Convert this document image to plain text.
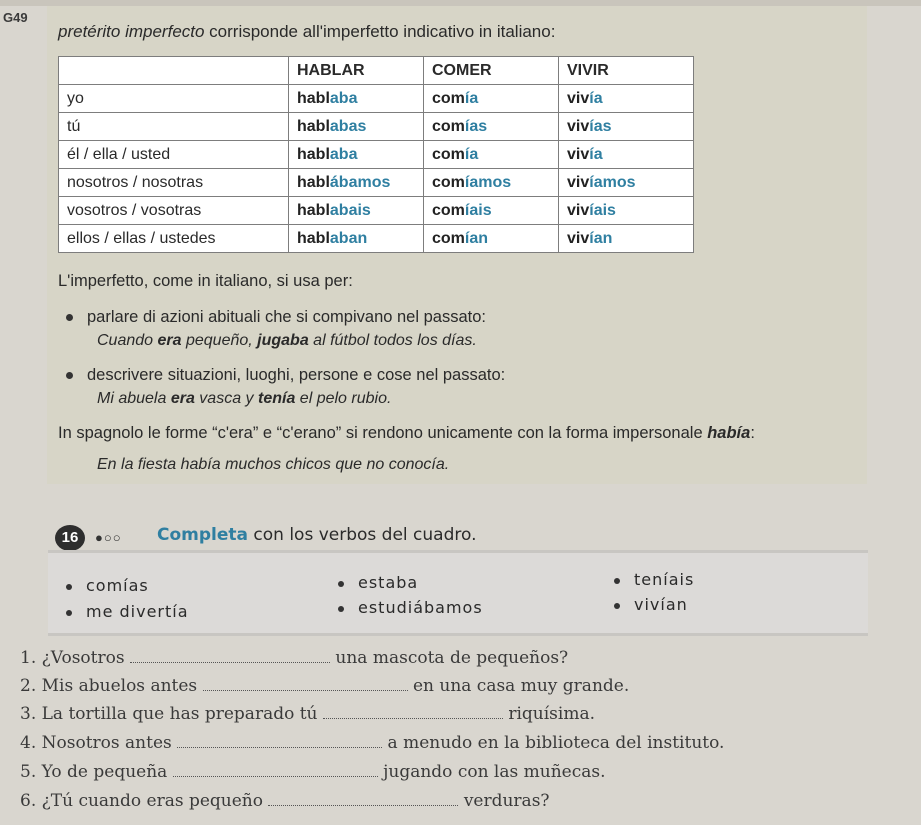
G49
pretérito imperfecto corrisponde all'imperfetto indicativo in italiano:
	HABLAR	COMER	VIVIR
yo	hablaba	comía	vivía
tú	hablabas	comías	vivías
él / ella / usted	hablaba	comía	vivía
nosotros / nosotras	hablábamos	comíamos	vivíamos
vosotros / vosotras	hablabais	comíais	vivíais
ellos / ellas / ustedes	hablaban	comían	vivían
L'imperfetto, come in italiano, si usa per:
parlare di azioni abituali che si compivano nel passato:
Cuando era pequeño, jugaba al fútbol todos los días.
descrivere situazioni, luoghi, persone e cose nel passato:
Mi abuela era vasca y tenía el pelo rubio.
In spagnolo le forme “c'era” e “c'erano” si rendono unicamente con la forma impersonale había:
En la fiesta había muchos chicos que no conocía.
16	●○○ Completa con los verbos del cuadro.
comías	estaba	teníais
me divertía	estudiábamos	vivían
1. ¿Vosotros	una mascota de pequeños?
2. Mis abuelos antes	en una casa muy grande.
3. La tortilla que has preparado tú	riquísima.
4. Nosotros antes	a menudo en la biblioteca del instituto.
5. Yo de pequeña	jugando con las muñecas.
6. ¿Tú cuando eras pequeño	verduras?
